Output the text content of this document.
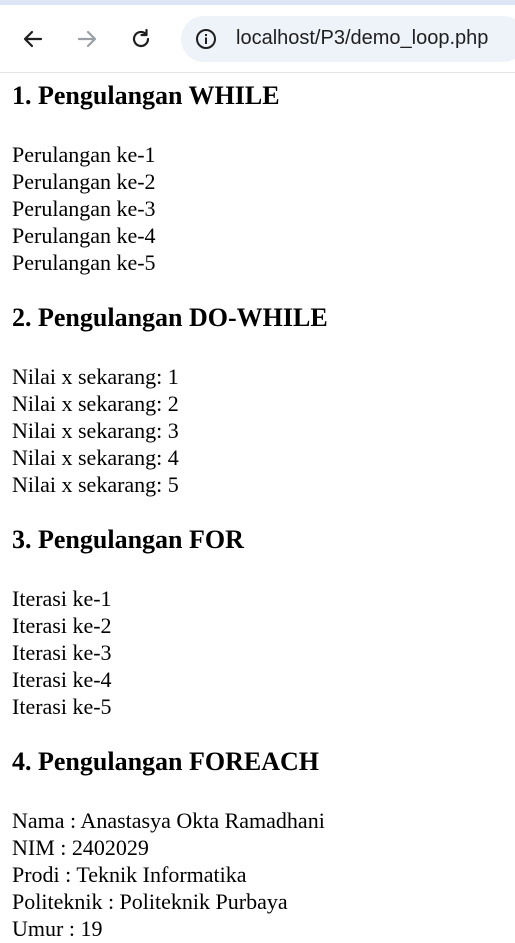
localhost/P3/demo_loop.php
1. Pengulangan WHILE
Perulangan ke-1
Perulangan ke-2
Perulangan ke-3
Perulangan ke-4
Perulangan ke-5
2. Pengulangan DO-WHILE
Nilai x sekarang: 1
Nilai x sekarang: 2
Nilai x sekarang: 3
Nilai x sekarang: 4
Nilai x sekarang: 5
3. Pengulangan FOR
Iterasi ke-1
Iterasi ke-2
Iterasi ke-3
Iterasi ke-4
Iterasi ke-5
4. Pengulangan FOREACH
Nama : Anastasya Okta Ramadhani
NIM : 2402029
Prodi : Teknik Informatika
Politeknik : Politeknik Purbaya
Umur : 19
